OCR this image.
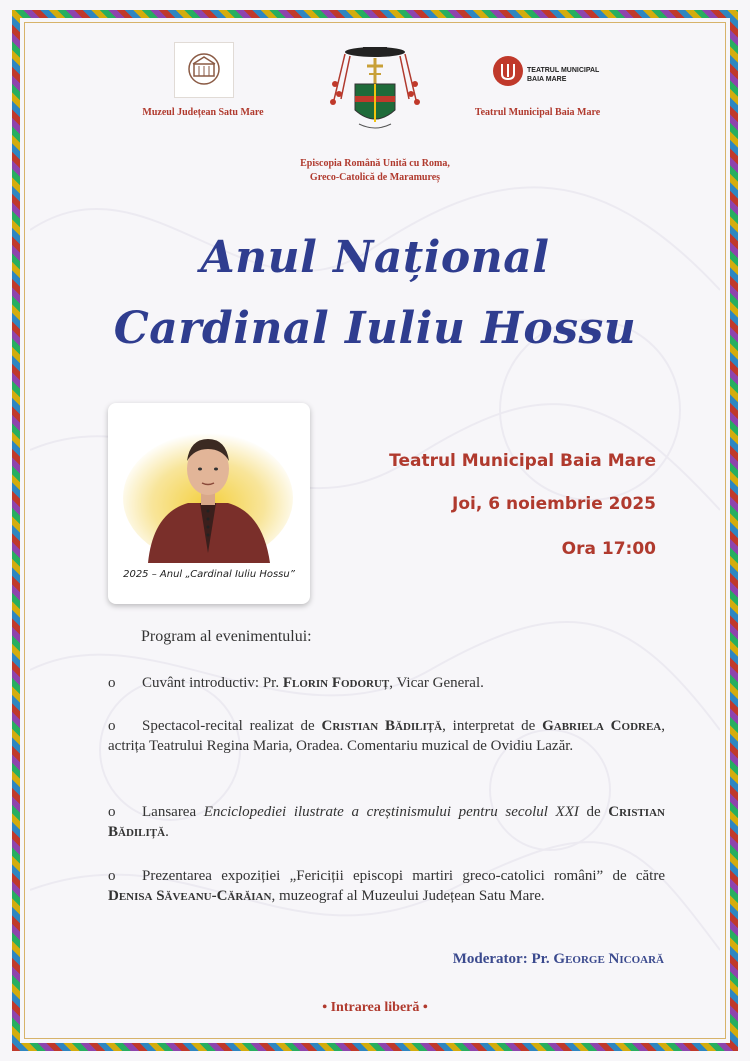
Muzeul Județean Satu Mare
TEATRUL MUNICIPAL
BAIA MARE
Teatrul Municipal Baia Mare
Episcopia Română Unită cu Roma,
Greco-Catolică de Maramureș
Anul Național
Cardinal Iuliu Hossu
2025 – Anul „Cardinal Iuliu Hossu”
Teatrul Municipal Baia Mare
Joi, 6 noiembrie 2025
Ora 17:00
Program al evenimentului:
o Cuvânt introductiv: Pr. Florin Fodoruț, Vicar General.
o Spectacol-recital realizat de Cristian Bădiliță, interpretat de Gabriela Codrea, actrița Teatrului Regina Maria, Oradea. Comentariu muzical de Ovidiu Lazăr.
o Lansarea Enciclopediei ilustrate a creștinismului pentru secolul XXI de Cristian Bădiliță.
o Prezentarea expoziției „Fericiții episcopi martiri greco-catolici români” de către Denisa Săveanu-Cărăian, muzeograf al Muzeului Județean Satu Mare.
Moderator: Pr. George Nicoară
• Intrarea liberă •
